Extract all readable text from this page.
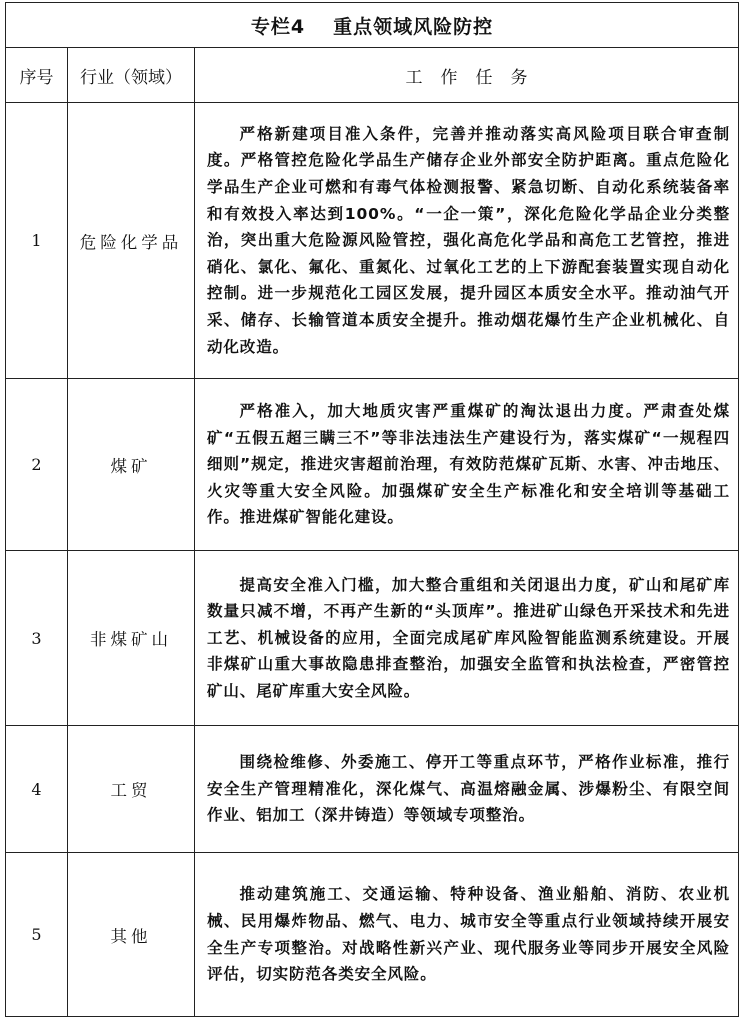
专栏4 重点领域风险防控		
序号	行业（领域）	工作任务
1	危险化学品	严格新建项目准入条件，完善并推动落实高风险项目联合审查制度。严格管控危险化学品生产储存企业外部安全防护距离。重点危险化学品生产企业可燃和有毒气体检测报警、紧急切断、自动化系统装备率和有效投入率达到100%。“一企一策”，深化危险化学品企业分类整治，突出重大危险源风险管控，强化高危化学品和高危工艺管控，推进硝化、氯化、氟化、重氮化、过氧化工艺的上下游配套装置实现自动化控制。进一步规范化工园区发展，提升园区本质安全水平。推动油气开采、储存、长输管道本质安全提升。推动烟花爆竹生产企业机械化、自动化改造。

2	煤矿	严格准入，加大地质灾害严重煤矿的淘汰退出力度。严肃查处煤矿“五假五超三瞒三不”等非法违法生产建设行为，落实煤矿“一规程四细则”规定，推进灾害超前治理，有效防范煤矿瓦斯、水害、冲击地压、火灾等重大安全风险。加强煤矿安全生产标准化和安全培训等基础工作。推进煤矿智能化建设。

3	非煤矿山	提高安全准入门槛，加大整合重组和关闭退出力度，矿山和尾矿库数量只减不增，不再产生新的“头顶库”。推进矿山绿色开采技术和先进工艺、机械设备的应用，全面完成尾矿库风险智能监测系统建设。开展非煤矿山重大事故隐患排查整治，加强安全监管和执法检查，严密管控矿山、尾矿库重大安全风险。

4	工贸	围绕检维修、外委施工、停开工等重点环节，严格作业标准，推行安全生产管理精准化，深化煤气、高温熔融金属、涉爆粉尘、有限空间作业、铝加工（深井铸造）等领域专项整治。

5	其他	推动建筑施工、交通运输、特种设备、渔业船舶、消防、农业机械、民用爆炸物品、燃气、电力、城市安全等重点行业领域持续开展安全生产专项整治。对战略性新兴产业、现代服务业等同步开展安全风险评估，切实防范各类安全风险。
